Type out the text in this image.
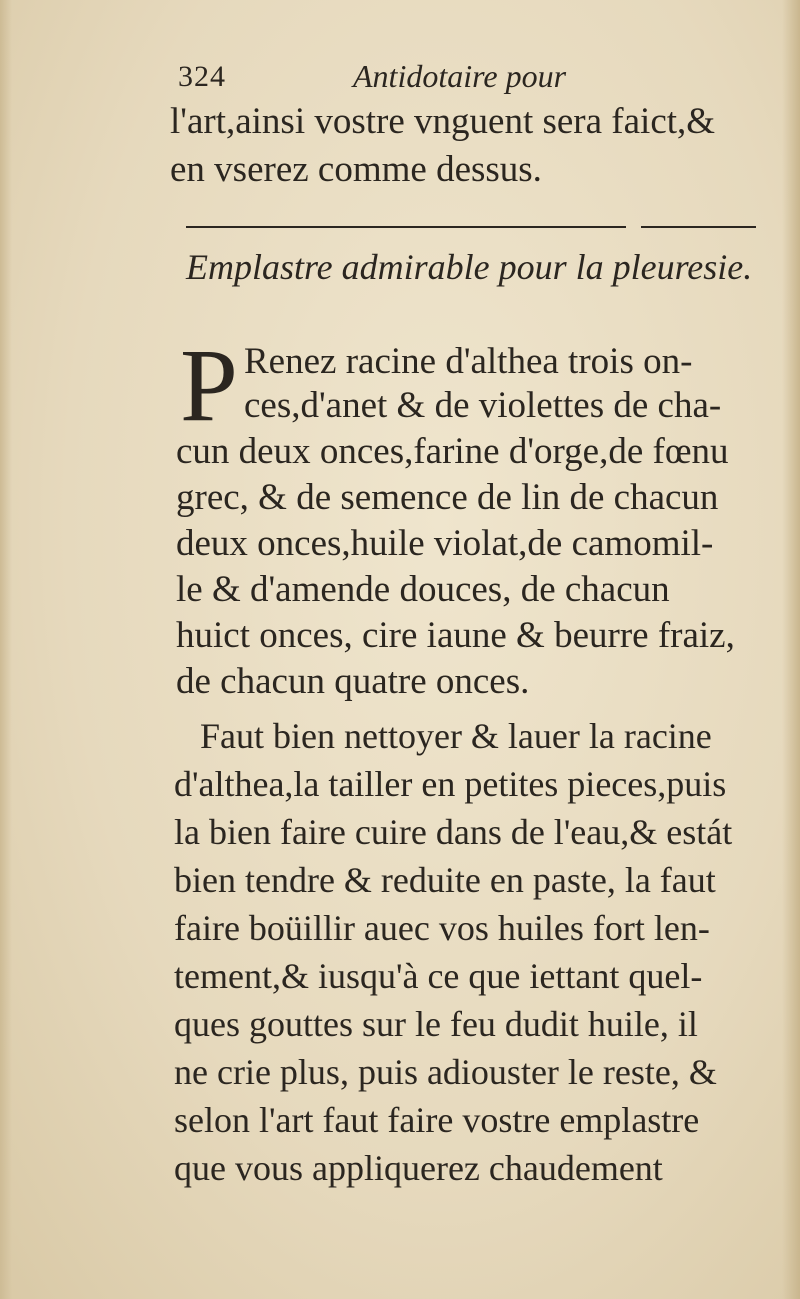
324	Antidotaire pour
l'art,ainsi vostre vnguent sera faict,&
en vserez comme dessus.
Emplastre admirable pour la pleuresie.
P Renez racine d'althea trois on-
ces,d'anet & de violettes de cha-
cun deux onces,farine d'orge,de fœnu
grec, & de semence de lin de chacun
deux onces,huile violat,de camomil-
le & d'amende douces, de chacun
huict onces, cire iaune & beurre fraiz,
de chacun quatre onces.
Faut bien nettoyer & lauer la racine
d'althea,la tailler en petites pieces,puis
la bien faire cuire dans de l'eau,& estát
bien tendre & reduite en paste, la faut
faire boüillir auec vos huiles fort len-
tement,& iusqu'à ce que iettant quel-
ques gouttes sur le feu dudit huile, il
ne crie plus, puis adiouster le reste, &
selon l'art faut faire vostre emplastre
que vous appliquerez chaudement
